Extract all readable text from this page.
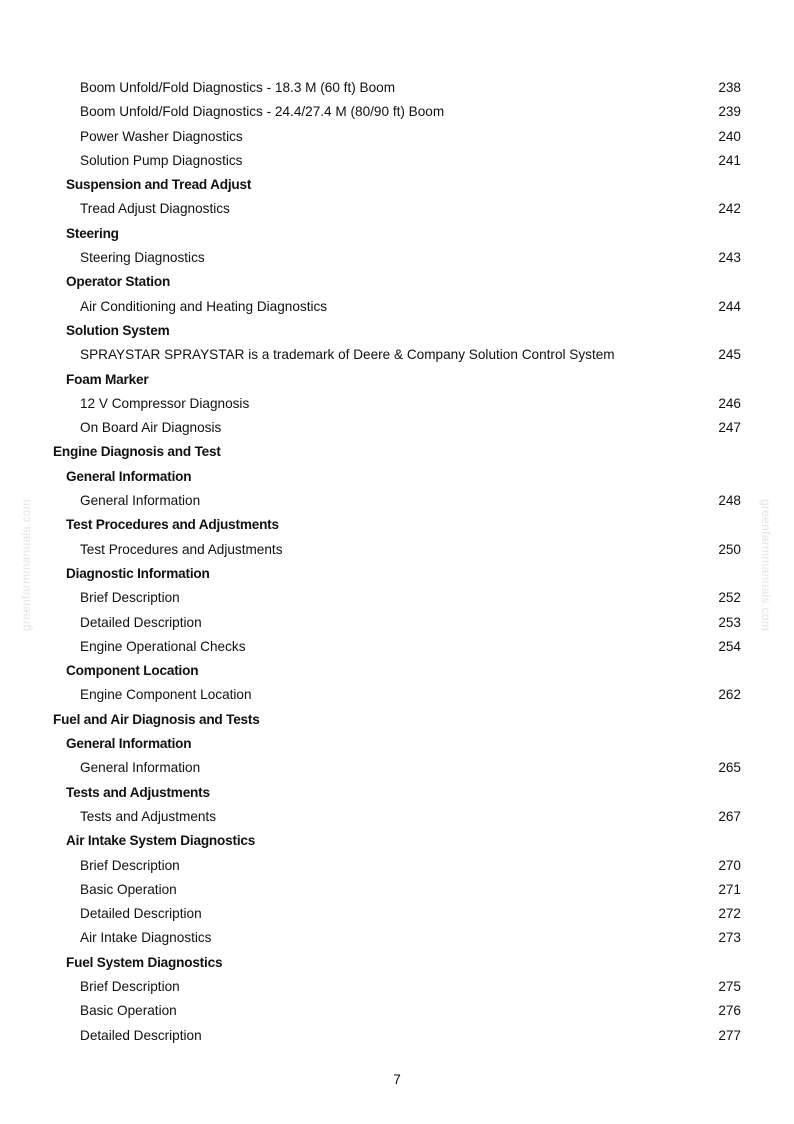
Boom Unfold/Fold Diagnostics - 18.3 M (60 ft) Boom	238
Boom Unfold/Fold Diagnostics - 24.4/27.4 M (80/90 ft) Boom	239
Power Washer Diagnostics	240
Solution Pump Diagnostics	241
Suspension and Tread Adjust
Tread Adjust Diagnostics	242
Steering
Steering Diagnostics	243
Operator Station
Air Conditioning and Heating Diagnostics	244
Solution System
SPRAYSTAR SPRAYSTAR is a trademark of Deere & Company Solution Control System	245
Foam Marker
12 V Compressor Diagnosis	246
On Board Air Diagnosis	247
Engine Diagnosis and Test
General Information
General Information	248
Test Procedures and Adjustments
Test Procedures and Adjustments	250
Diagnostic Information
Brief Description	252
Detailed Description	253
Engine Operational Checks	254
Component Location
Engine Component Location	262
Fuel and Air Diagnosis and Tests
General Information
General Information	265
Tests and Adjustments
Tests and Adjustments	267
Air Intake System Diagnostics
Brief Description	270
Basic Operation	271
Detailed Description	272
Air Intake Diagnostics	273
Fuel System Diagnostics
Brief Description	275
Basic Operation	276
Detailed Description	277
greenfarmmanuals.com	greenfarmmanuals.com
7
